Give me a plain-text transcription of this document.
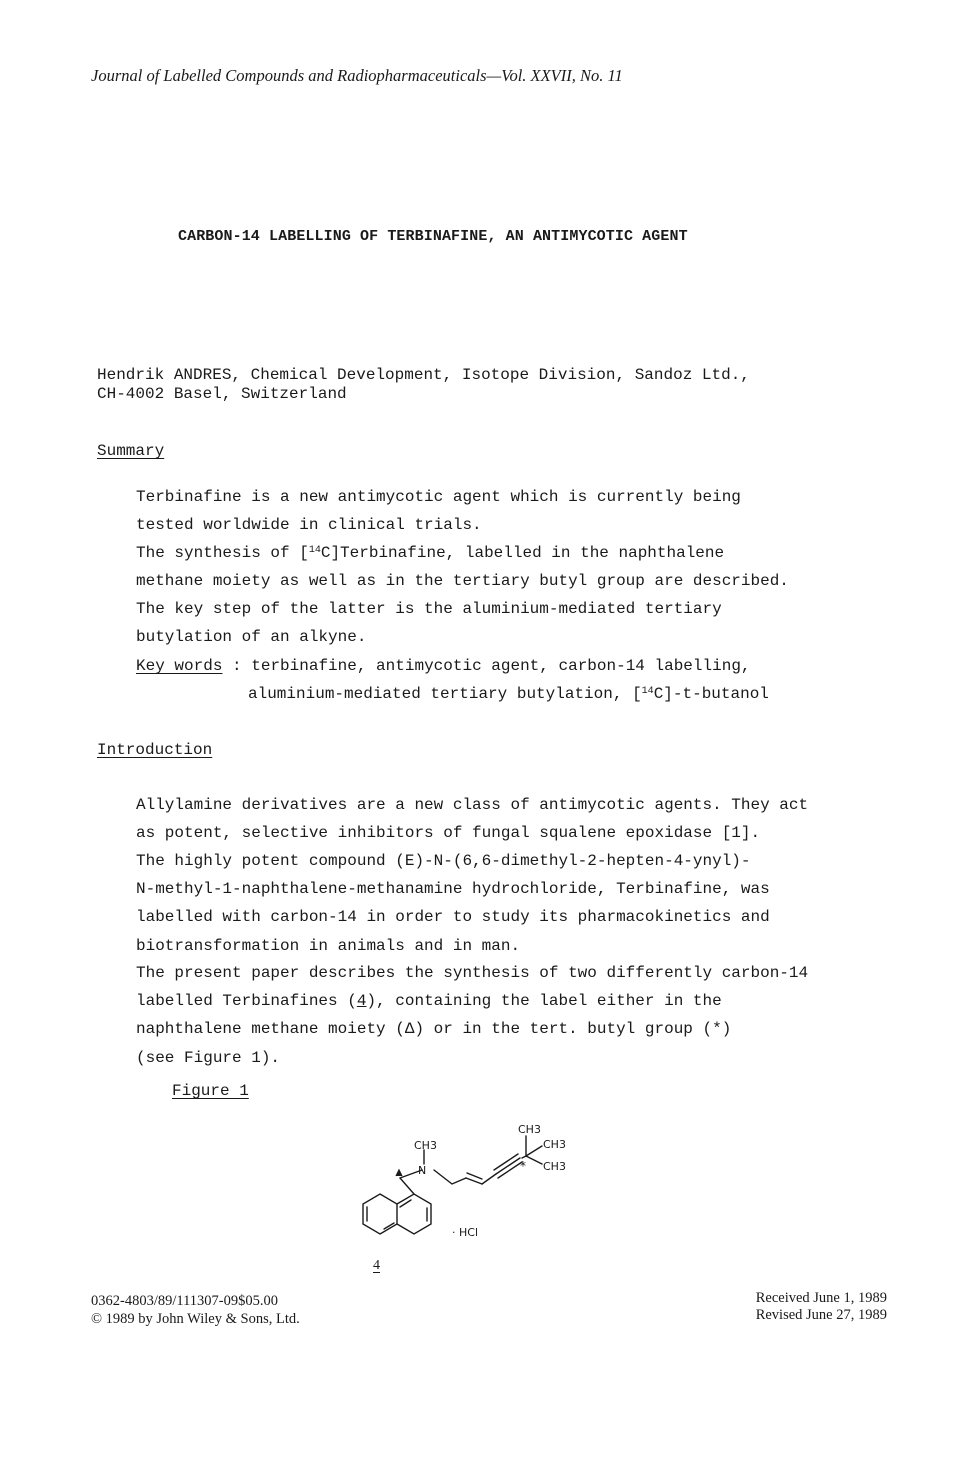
Journal of Labelled Compounds and Radiopharmaceuticals—Vol. XXVII, No. 11
CARBON-14 LABELLING OF TERBINAFINE, AN ANTIMYCOTIC AGENT
Hendrik ANDRES, Chemical Development, Isotope Division, Sandoz Ltd.,
CH-4002 Basel, Switzerland
Summary
Terbinafine is a new antimycotic agent which is currently being
tested worldwide in clinical trials.
The synthesis of [$^{14}$C]Terbinafine, labelled in the naphthalene
methane moiety as well as in the tertiary butyl group are described.
The key step of the latter is the aluminium-mediated tertiary
butylation of an alkyne.
Key words : terbinafine, antimycotic agent, carbon-14 labelling,
aluminium-mediated tertiary butylation, [$^{14}$C]-t-butanol
Introduction
Allylamine derivatives are a new class of antimycotic agents. They act
as potent, selective inhibitors of fungal squalene epoxidase [1].
The highly potent compound (E)-N-(6,6-dimethyl-2-hepten-4-ynyl)-
N-methyl-1-naphthalene-methanamine hydrochloride, Terbinafine, was
labelled with carbon-14 in order to study its pharmacokinetics and
biotransformation in animals and in man.
The present paper describes the synthesis of two differently carbon-14
labelled Terbinafines (4), containing the label either in the
naphthalene methane moiety (Δ) or in the tert. butyl group (*)
(see Figure 1).
Figure 1
CH3
N
CH3
CH3
CH3
*
· HCl
4
0362-4803/89/111307-09$05.00
© 1989 by John Wiley & Sons, Ltd.
Received June 1, 1989
Revised June 27, 1989
